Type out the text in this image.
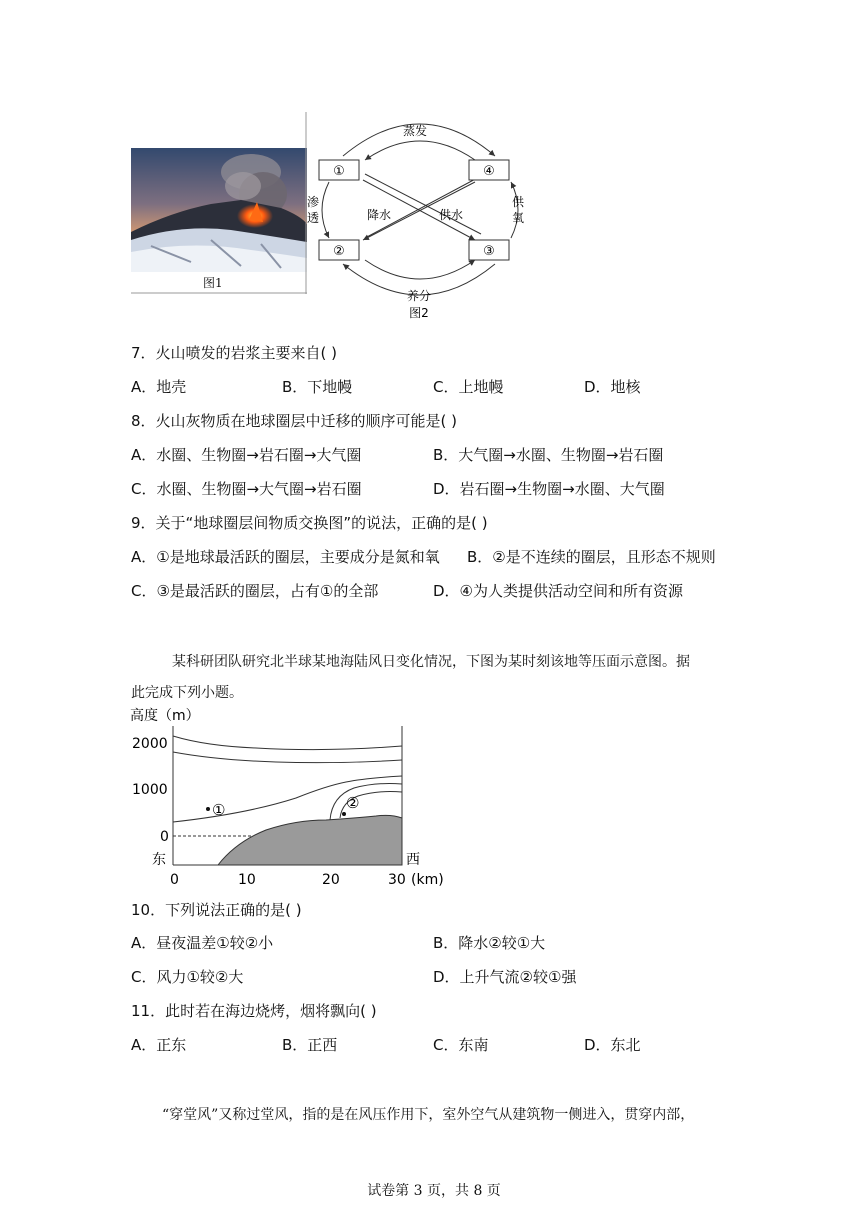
图1
①	④
②	③
蒸发
养分
渗
透
供
氧
降水	供水
图2
7．火山喷发的岩浆主要来自( )
A．地壳	B．下地幔	C．上地幔	D．地核
8．火山灰物质在地球圈层中迁移的顺序可能是( )
A．水圈、生物圈→岩石圈→大气圈	B．大气圈→水圈、生物圈→岩石圈
C．水圈、生物圈→大气圈→岩石圈	D．岩石圈→生物圈→水圈、大气圈
9．关于“地球圈层间物质交换图”的说法，正确的是( )
A．①是地球最活跃的圈层，主要成分是氮和氧 B．②是不连续的圈层，且形态不规则
C．③是最活跃的圈层，占有①的全部	D．④为人类提供活动空间和所有资源
某科研团队研究北半球某地海陆风日变化情况，下图为某时刻该地等压面示意图。据
此完成下列小题。
高度（m）
2000
1000
0
①	②
东	西
0	10	20	30 (km)
10．下列说法正确的是( )
A．昼夜温差①较②小	B．降水②较①大
C．风力①较②大	D．上升气流②较①强
11．此时若在海边烧烤，烟将飘向( )
A．正东	B．正西	C．东南	D．东北
“穿堂风”又称过堂风，指的是在风压作用下，室外空气从建筑物一侧进入，贯穿内部，
试卷第 3 页，共 8 页
